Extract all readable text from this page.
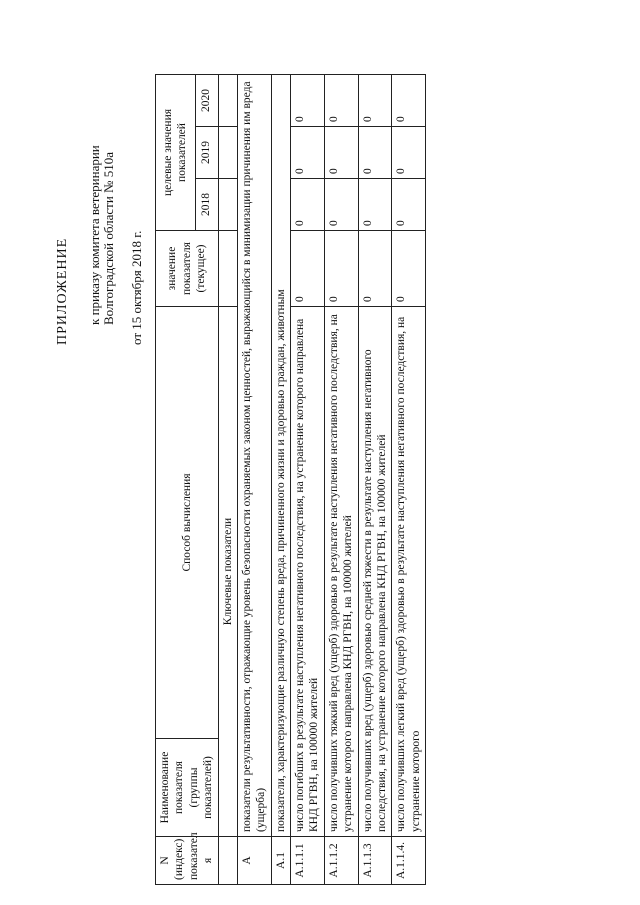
ПРИЛОЖЕНИЕ к приказу комитета ветеринарии Волгоградской области № 510а от 15 октября 2018 г.
N (индекс) показател я	Наименование показателя (группы показателей)	Способ вычисления	значение показателя (текущее)	целевые значения показателей		
				2018	2019	2020
	Ключевые показатели					
А	показатели результативности, отражающие уровень безопасности охраняемых законом ценностей, выражающийся в минимизации причинения им вреда (ущерба)					
А.1	показатели, характеризующие различную степень вреда, причиненного жизни и здоровью граждан, животным					
А.1.1.1	число погибших в результате наступления негативного последствия, на устранение которого направлена КНД РГВН, на 100000 жителей		0	0	0	0
А.1.1.2	число получивших тяжкий вред (ущерб) здоровью в результате наступления негативного последствия, на устранение которого направлена КНД РГВН, на 100000 жителей		0	0	0	0
А.1.1.3	число получивших вред (ущерб) здоровью средней тяжести в результате наступления негативного последствия, на устранение которого направлена КНД РГВН, на 100000 жителей		0	0	0	0
А.1.1.4.	число получивших легкий вред (ущерб) здоровью в результате наступления негативного последствия, на устранение которого		0	0	0	0
